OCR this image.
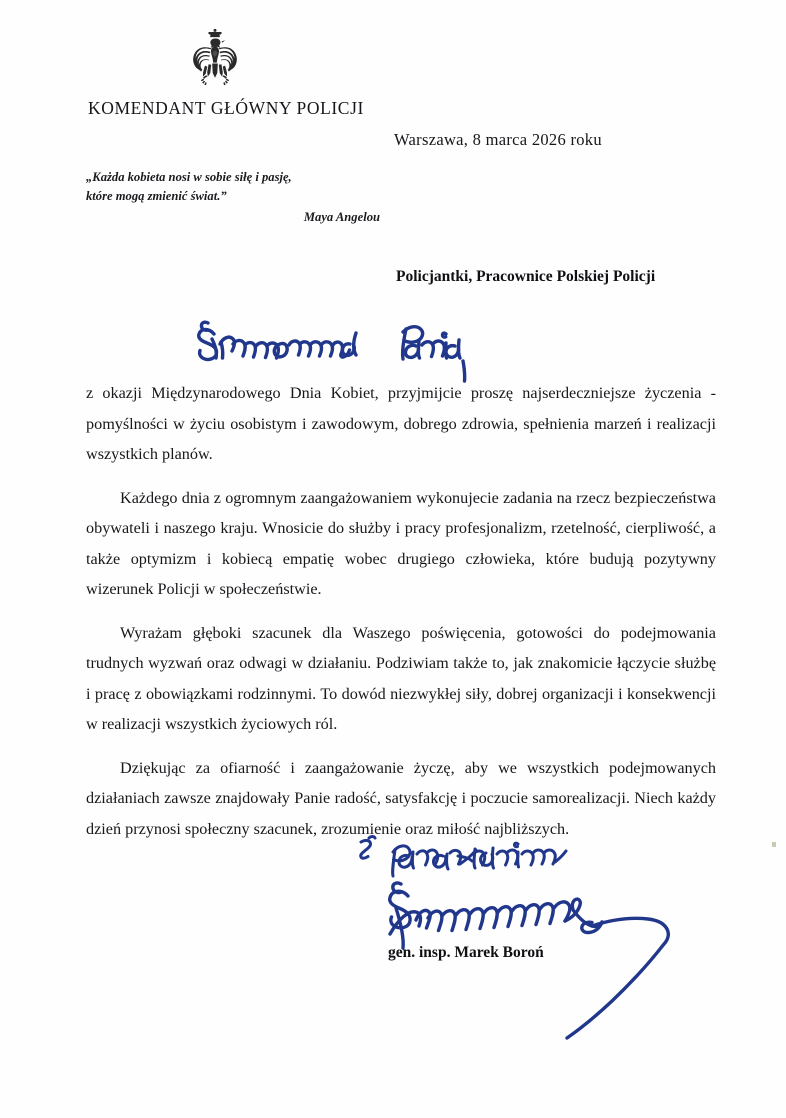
KOMENDANT GŁÓWNY POLICJI
Warszawa, 8 marca 2026 roku
„Każda kobieta nosi w sobie siłę i pasję,
które mogą zmienić świat.”
Maya Angelou
Policjantki, Pracownice Polskiej Policji

z okazji Międzynarodowego Dnia Kobiet, przyjmijcie proszę najserdeczniejsze życzenia - pomyślności w życiu osobistym i zawodowym, dobrego zdrowia, spełnienia marzeń i realizacji wszystkich planów.

Każdego dnia z ogromnym zaangażowaniem wykonujecie zadania na rzecz bezpieczeństwa obywateli i naszego kraju. Wnosicie do służby i pracy profesjonalizm, rzetelność, cierpliwość, a także optymizm i kobiecą empatię wobec drugiego człowieka, które budują pozytywny wizerunek Policji w społeczeństwie.

Wyrażam głęboki szacunek dla Waszego poświęcenia, gotowości do podejmowania trudnych wyzwań oraz odwagi w działaniu. Podziwiam także to, jak znakomicie łączycie służbę i pracę z obowiązkami rodzinnymi. To dowód niezwykłej siły, dobrej organizacji i konsekwencji w realizacji wszystkich życiowych ról.

Dziękując za ofiarność i zaangażowanie życzę, aby we wszystkich podejmowanych działaniach zawsze znajdowały Panie radość, satysfakcję i poczucie samorealizacji. Niech każdy dzień przynosi społeczny szacunek, zrozumienie oraz miłość najbliższych.

gen. insp. Marek Boroń
